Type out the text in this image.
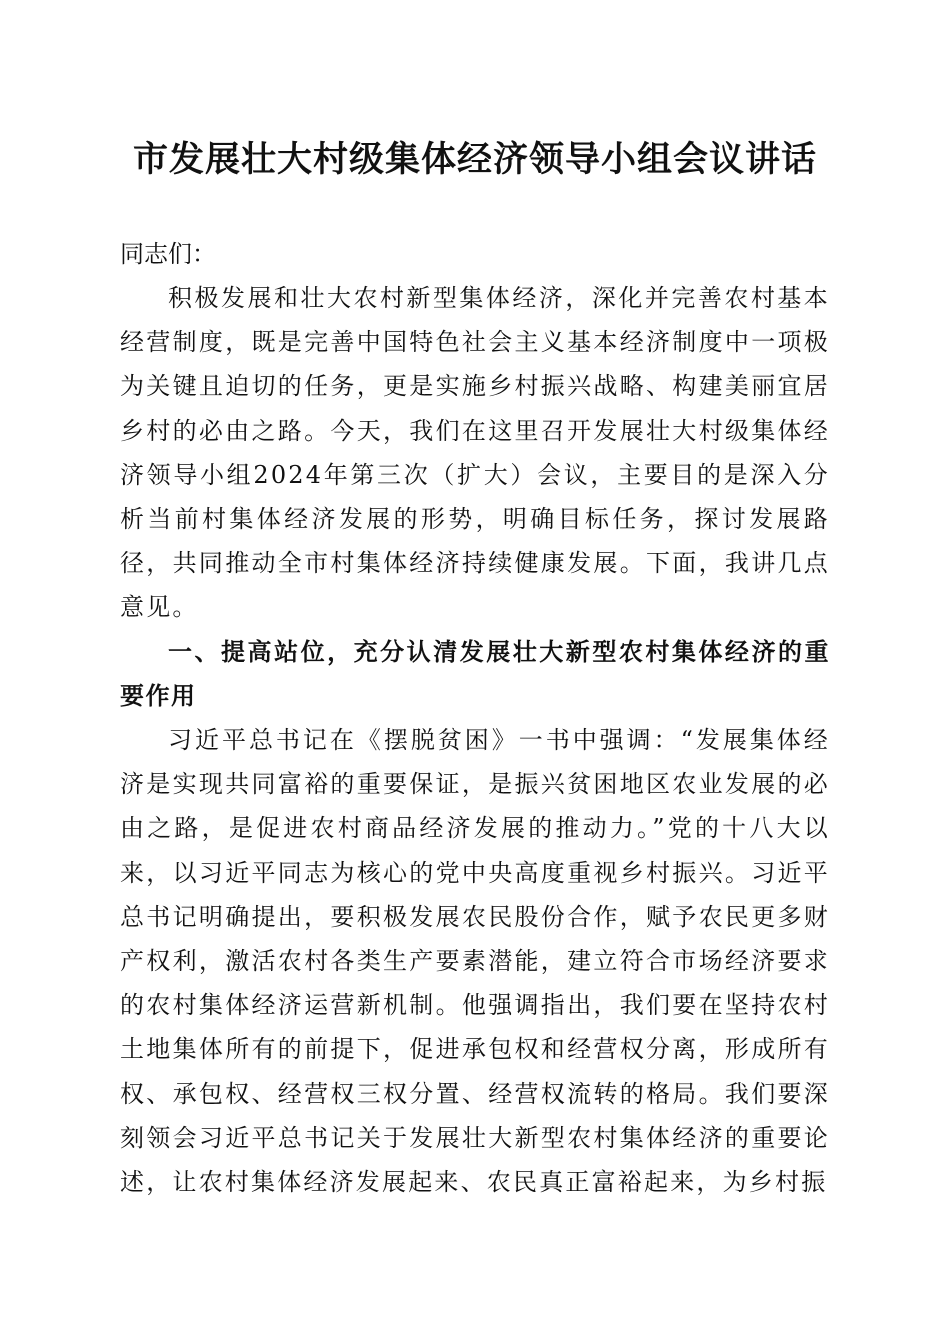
市发展壮大村级集体经济领导小组会议讲话

同志们：

积极发展和壮大农村新型集体经济，深化并完善农村基本经营制度，既是完善中国特色社会主义基本经济制度中一项极为关键且迫切的任务，更是实施乡村振兴战略、构建美丽宜居乡村的必由之路。今天，我们在这里召开发展壮大村级集体经济领导小组2024年第三次（扩大）会议，主要目的是深入分析当前村集体经济发展的形势，明确目标任务，探讨发展路径，共同推动全市村集体经济持续健康发展。下面，我讲几点意见。

一、提高站位，充分认清发展壮大新型农村集体经济的重要作用

习近平总书记在《摆脱贫困》一书中强调：“发展集体经济是实现共同富裕的重要保证，是振兴贫困地区农业发展的必由之路，是促进农村商品经济发展的推动力。”党的十八大以来，以习近平同志为核心的党中央高度重视乡村振兴。习近平总书记明确提出，要积极发展农民股份合作，赋予农民更多财产权利，激活农村各类生产要素潜能，建立符合市场经济要求的农村集体经济运营新机制。他强调指出，我们要在坚持农村土地集体所有的前提下，促进承包权和经营权分离，形成所有权、承包权、经营权三权分置、经营权流转的格局。我们要深刻领会习近平总书记关于发展壮大新型农村集体经济的重要论述，让农村集体经济发展起来、农民真正富裕起来，为乡村振
